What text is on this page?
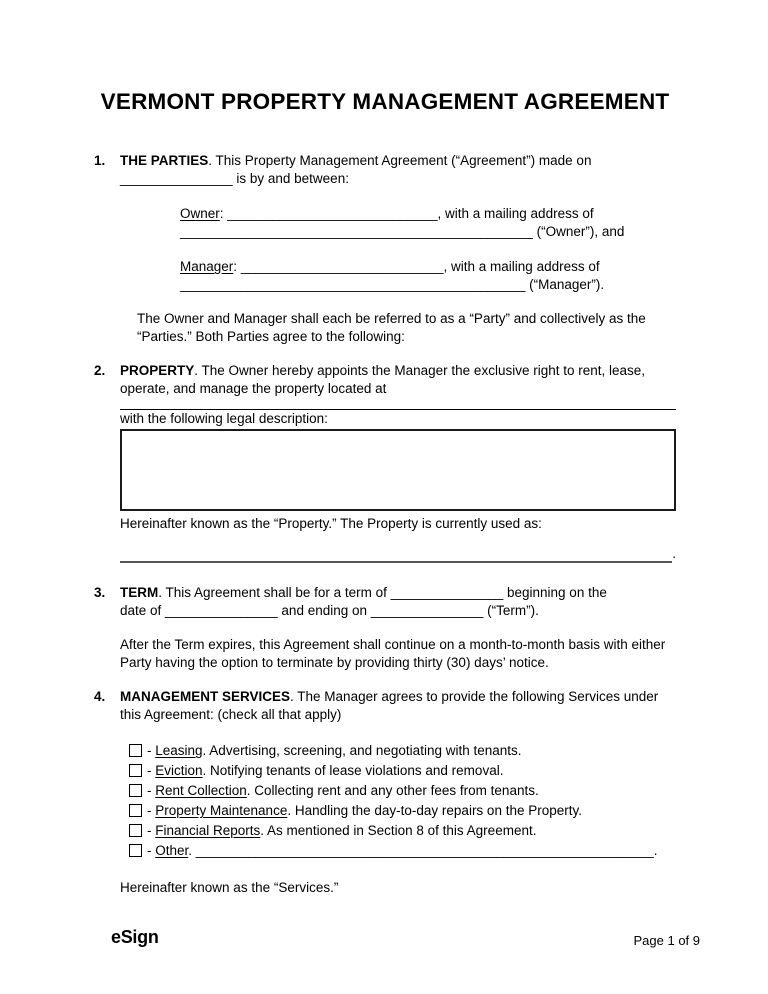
VERMONT PROPERTY MANAGEMENT AGREEMENT
1.	THE PARTIES. This Property Management Agreement (“Agreement”) made on
_______________ is by and between:
Owner: ____________________________, with a mailing address of
_______________________________________________ (“Owner”), and
Manager: ___________________________, with a mailing address of
______________________________________________ (“Manager”).
The Owner and Manager shall each be referred to as a “Party” and collectively as the “Parties.” Both Parties agree to the following:
2.	PROPERTY. The Owner hereby appoints the Manager the exclusive right to rent, lease, operate, and manage the property located at
with the following legal description:
Hereinafter known as the “Property.” The Property is currently used as:
.
3.	TERM. This Agreement shall be for a term of _______________ beginning on the
date of _______________ and ending on _______________ (“Term”).
After the Term expires, this Agreement shall continue on a month-to-month basis with either Party having the option to terminate by providing thirty (30) days’ notice.
4.	MANAGEMENT SERVICES. The Manager agrees to provide the following Services under this Agreement: (check all that apply)
- Leasing. Advertising, screening, and negotiating with tenants.
- Eviction. Notifying tenants of lease violations and removal.
- Rent Collection. Collecting rent and any other fees from tenants.
- Property Maintenance. Handling the day-to-day repairs on the Property.
- Financial Reports. As mentioned in Section 8 of this Agreement.
- Other. _____________________________________________________________.
Hereinafter known as the “Services.”
eSign	Page 1 of 9
